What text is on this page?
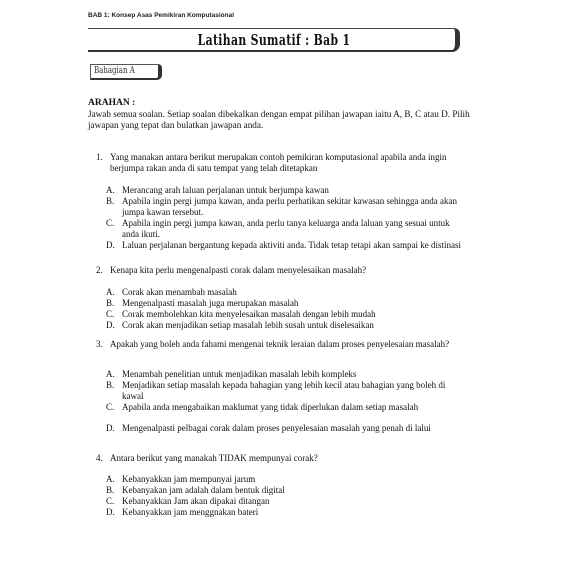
BAB 1: Konsep Asas Pemikiran Komputasional
Latihan Sumatif : Bab 1
Bahagian A
ARAHAN :
Jawab semua soalan. Setiap soalan dibekalkan dengan empat pilihan jawapan iaitu A, B, C atau D. Pilih jawapan yang tepat dan bulatkan jawapan anda.
1. Yang manakan antara berikut merupakan contoh pemikiran komputasional apabila anda ingin berjumpa rakan anda di satu tempat yang telah ditetapkan
A. Merancang arah laluan perjalanan untuk berjumpa kawan
B. Apabila ingin pergi jumpa kawan, anda perlu perhatikan sekitar kawasan sehingga anda akan jumpa kawan tersebut.
C. Apabila ingin pergi jumpa kawan, anda perlu tanya keluarga anda laluan yang sesuai untuk anda ikuti.
D. Laluan perjalanan bergantung kepada aktiviti anda. Tidak tetap tetapi akan sampai ke distinasi
2. Kenapa kita perlu mengenalpasti corak dalam menyelesaikan masalah?
A. Corak akan menambah masalah
B. Mengenalpasti masalah juga merupakan masalah
C. Corak membolehkan kita menyelesaikan masalah dengan lebih mudah
D. Corak akan menjadikan setiap masalah lebih susah untuk diselesaikan
3. Apakah yang boleh anda fahami mengenai teknik leraian dalam proses penyelesaian masalah?
A. Menambah penelitian untuk menjadikan masalah lebih kompleks
B. Menjadikan setiap masalah kepada bahagian yang lebih kecil atau bahagian yang boleh di kawal
C. Apabila anda mengabaikan maklumat yang tidak diperlukan dalam setiap masalah
D. Mengenalpasti pelbagai corak dalam proses penyelesaian masalah yang penah di lalui
4. Antara berikut yang manakah TIDAK mempunyai corak?
A. Kebanyakkan jam mempunyai jarum
B. Kebanyakan jam adalah dalam bentuk digital
C. Kebanyakkan Jam akan dipakai ditangan
D. Kebanyakkan jam menggnakan bateri
